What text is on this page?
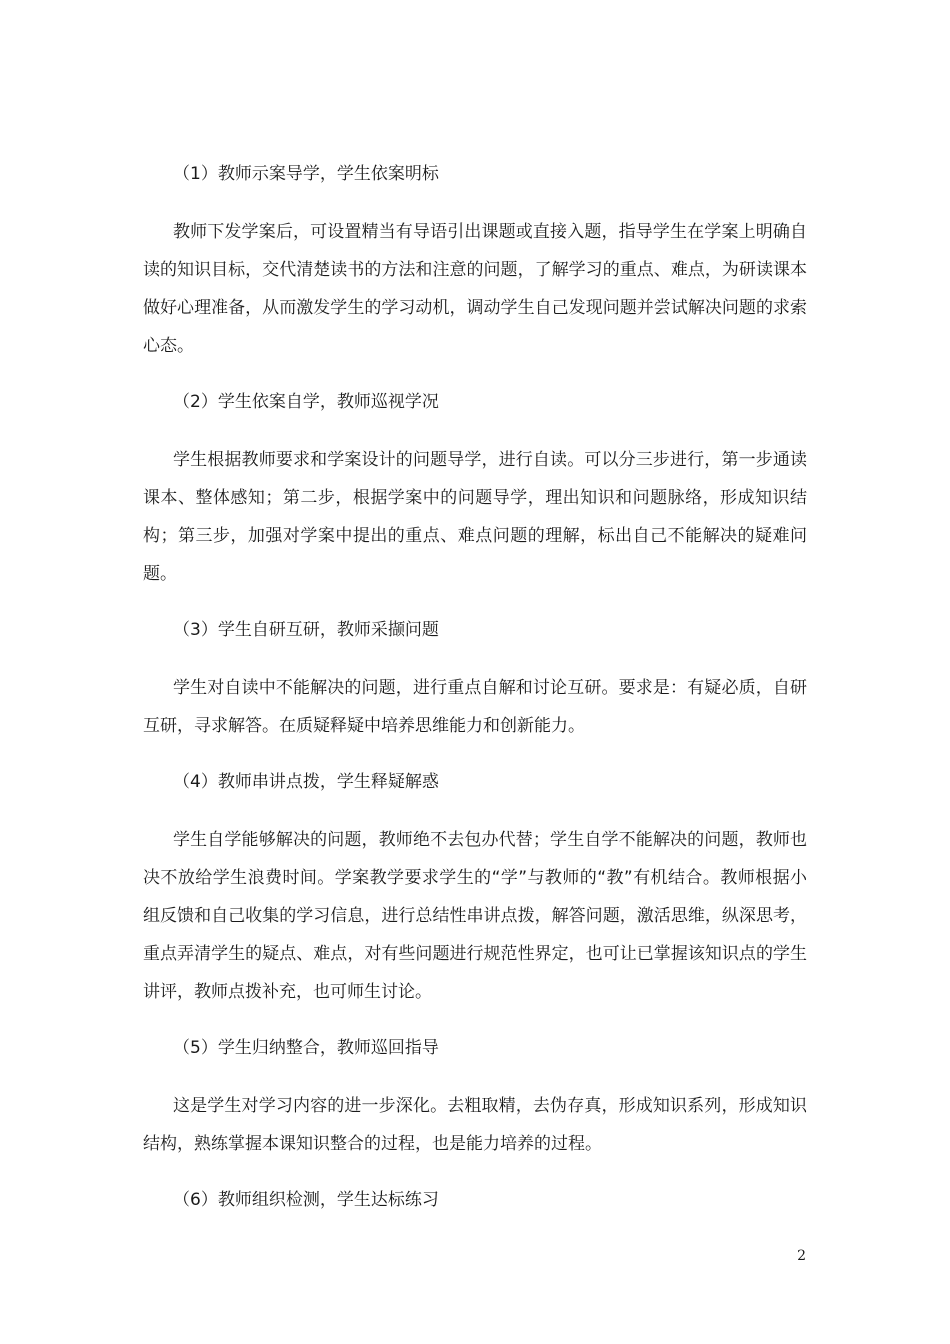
（1）教师示案导学，学生依案明标
教师下发学案后，可设置精当有导语引出课题或直接入题，指导学生在学案上明确自读的知识目标，交代清楚读书的方法和注意的问题，了解学习的重点、难点，为研读课本做好心理准备，从而激发学生的学习动机，调动学生自己发现问题并尝试解决问题的求索心态。
（2）学生依案自学，教师巡视学况
学生根据教师要求和学案设计的问题导学，进行自读。可以分三步进行，第一步通读课本、整体感知；第二步，根据学案中的问题导学，理出知识和问题脉络，形成知识结构；第三步，加强对学案中提出的重点、难点问题的理解，标出自己不能解决的疑难问题。
（3）学生自研互研，教师采撷问题
学生对自读中不能解决的问题，进行重点自解和讨论互研。要求是：有疑必质，自研互研，寻求解答。在质疑释疑中培养思维能力和创新能力。
（4）教师串讲点拨，学生释疑解惑
学生自学能够解决的问题，教师绝不去包办代替；学生自学不能解决的问题，教师也决不放给学生浪费时间。学案教学要求学生的“学”与教师的“教”有机结合。教师根据小组反馈和自己收集的学习信息，进行总结性串讲点拨，解答问题，激活思维，纵深思考，重点弄清学生的疑点、难点，对有些问题进行规范性界定，也可让已掌握该知识点的学生讲评，教师点拨补充，也可师生讨论。
（5）学生归纳整合，教师巡回指导
这是学生对学习内容的进一步深化。去粗取精，去伪存真，形成知识系列，形成知识结构，熟练掌握本课知识整合的过程，也是能力培养的过程。
（6）教师组织检测，学生达标练习
2
